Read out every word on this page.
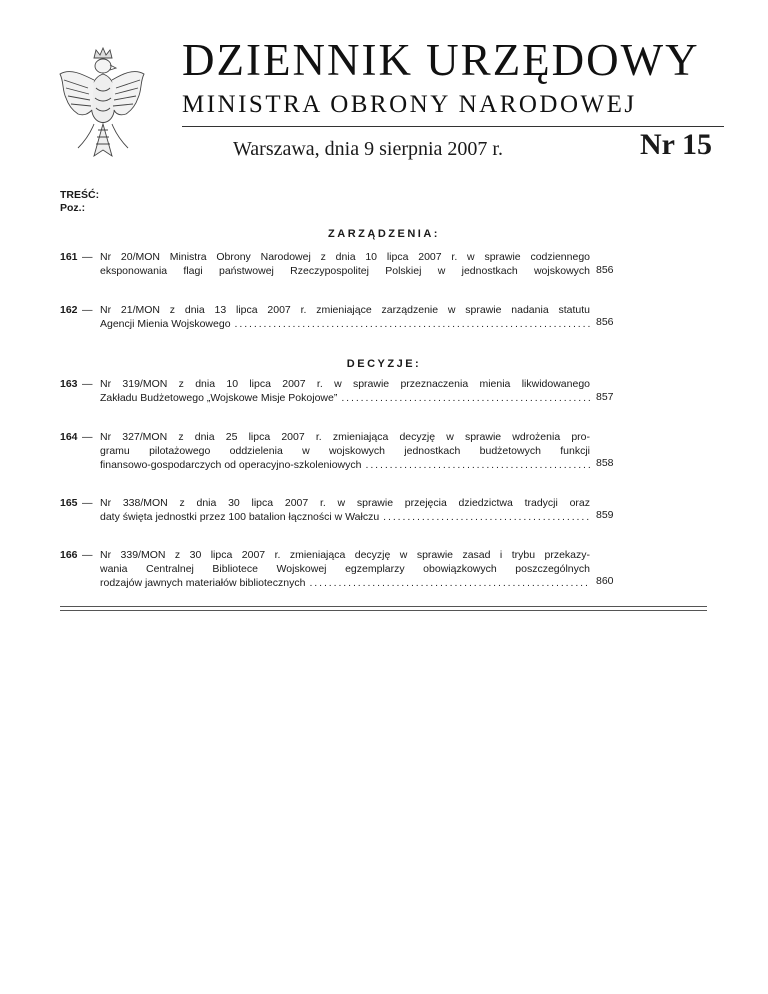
DZIENNIK URZĘDOWY
MINISTRA OBRONY NARODOWEJ
Warszawa, dnia 9 sierpnia 2007 r.	Nr 15
TREŚĆ:
Poz.:
ZARZĄDZENIA:
161 — Nr 20/MON Ministra Obrony Narodowej z dnia 10 lipca 2007 r. w sprawie codziennego
eksponowania flagi państwowej Rzeczypospolitej Polskiej w jednostkach wojskowych 856
162 — Nr 21/MON z dnia 13 lipca 2007 r. zmieniające zarządzenie w sprawie nadania statutu
Agencji Mienia Wojskowego
. . .	856
DECYZJE:
163 — Nr 319/MON z dnia 10 lipca 2007 r. w sprawie przeznaczenia mienia likwidowanego
Zakładu Budżetowego „Wojskowe Misje Pokojowe”
. . .	857
164 — Nr 327/MON z dnia 25 lipca 2007 r. zmieniająca decyzję w sprawie wdrożenia pro-
gramu pilotażowego oddzielenia w wojskowych jednostkach budżetowych funkcji
finansowo-gospodarczych od operacyjno-szkoleniowych
. . .	858
165 — Nr 338/MON z dnia 30 lipca 2007 r. w sprawie przejęcia dziedzictwa tradycji oraz
daty święta jednostki przez 100 batalion łączności w Wałczu
. . .	859
166 — Nr 339/MON z 30 lipca 2007 r. zmieniająca decyzję w sprawie zasad i trybu przekazy-
wania Centralnej Bibliotece Wojskowej egzemplarzy obowiązkowych poszczególnych
rodzajów jawnych materiałów bibliotecznych
. . .	860
